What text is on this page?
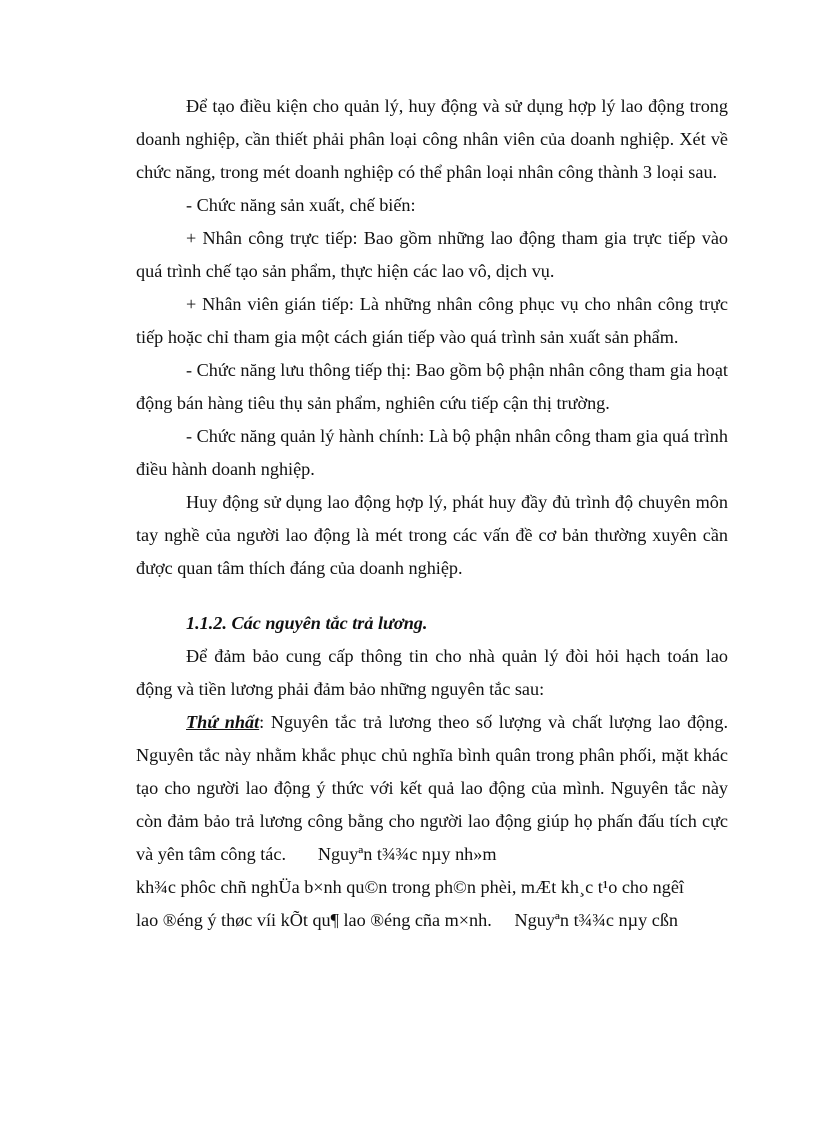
Để tạo điều kiện cho quản lý, huy động và sử dụng hợp lý lao động trong doanh nghiệp, cần thiết phải phân loại công nhân viên của doanh nghiệp. Xét về chức năng, trong mét doanh nghiệp có thể phân loại nhân công thành 3 loại sau.

- Chức năng sản xuất, chế biến:

+ Nhân công trực tiếp: Bao gồm những lao động tham gia trực tiếp vào quá trình chế tạo sản phẩm, thực hiện các lao vô, dịch vụ.

+ Nhân viên gián tiếp: Là những nhân công phục vụ cho nhân công trực tiếp hoặc chỉ tham gia một cách gián tiếp vào quá trình sản xuất sản phẩm.

- Chức năng lưu thông tiếp thị: Bao gồm bộ phận nhân công tham gia hoạt động bán hàng tiêu thụ sản phẩm, nghiên cứu tiếp cận thị trường.

- Chức năng quản lý hành chính: Là bộ phận nhân công tham gia quá trình điều hành doanh nghiệp.

Huy động sử dụng lao động hợp lý, phát huy đầy đủ trình độ chuyên môn tay nghề của người lao động là mét trong các vấn đề cơ bản thường xuyên cần được quan tâm thích đáng của doanh nghiệp.

1.1.2. Các nguyên tắc trả lương.

Để đảm bảo cung cấp thông tin cho nhà quản lý đòi hỏi hạch toán lao động và tiền lương phải đảm bảo những nguyên tắc sau:

Thứ nhất: Nguyên tắc trả lương theo số lượng và chất lượng lao động. Nguyên tắc này nhằm khắc phục chủ nghĩa bình quân trong phân phối, mặt khác tạo cho người lao động ý thức với kết quả lao động của mình. Nguyên tắc này còn đảm bảo trả lương công bằng cho người lao động giúp họ phấn đấu tích cực và yên tâm công tác. Nguyªn t¾¾c nµy nh»m

kh¾c phôc chñ nghÜa b×nh qu©n trong ph©n phèi, mÆt kh¸c t¹o cho ngêî

lao ®éng ý thøc víi kÕt qu¶ lao ®éng cña m×nh. Nguyªn t¾¾c nµy cßn
